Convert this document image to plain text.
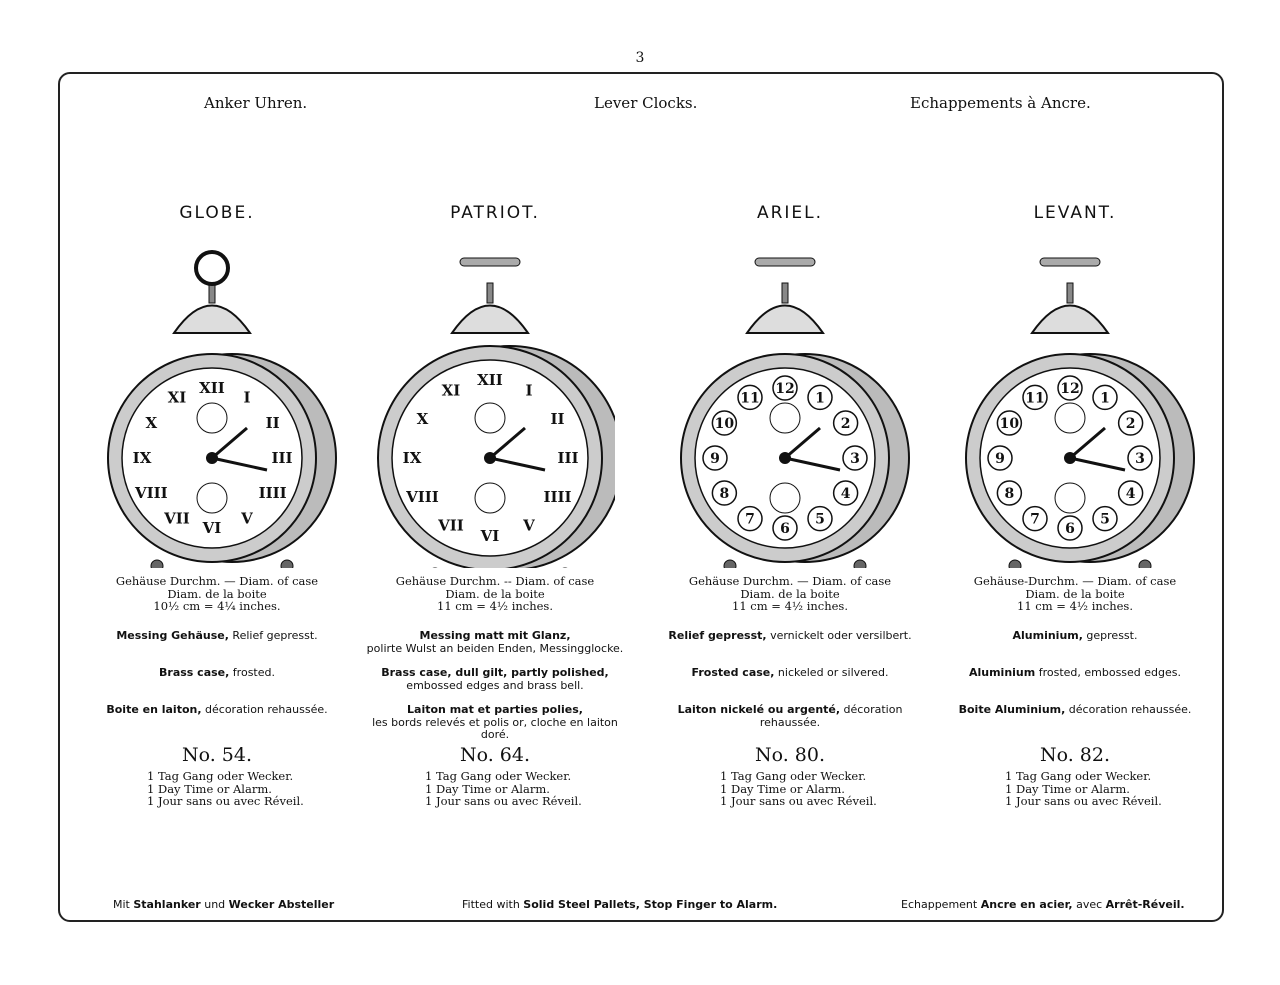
3
Anker Uhren.	Lever Clocks.	Echappements à Ancre.
GLOBE.
XII
I
II
III
IIII
V
VI
VII
VIII
IX
X
XI
Gehäuse Durchm. — Diam. of case
Diam. de la boite
10½ cm = 4¼ inches.
Messing Gehäuse, Relief gepresst.
Brass case, frosted.
Boite en laiton, décoration rehaussée.
No. 54.
1 Tag Gang oder Wecker.
1 Day Time or Alarm.
1 Jour sans ou avec Réveil.
PATRIOT.
XII
I
II
III
IIII
V
VI
VII
VIII
IX
X
XI
Gehäuse Durchm. -- Diam. of case
Diam. de la boite
11 cm = 4½ inches.
Messing matt mit Glanz,
polirte Wulst an beiden Enden, Messingglocke.
Brass case, dull gilt, partly polished,
embossed edges and brass bell.
Laiton mat et parties polies,
les bords relevés et polis or, cloche en laiton doré.
No. 64.
1 Tag Gang oder Wecker.
1 Day Time or Alarm.
1 Jour sans ou avec Réveil.
ARIEL.
12
1
2
3
4
5
6
7
8
9
10
11
Gehäuse Durchm. — Diam. of case
Diam. de la boite
11 cm = 4½ inches.
Relief gepresst, vernickelt oder versilbert.
Frosted case, nickeled or silvered.
Laiton nickelé ou argenté, décoration rehaussée.
No. 80.
1 Tag Gang oder Wecker.
1 Day Time or Alarm.
1 Jour sans ou avec Réveil.
LEVANT.
12
1
2
3
4
5
6
7
8
9
10
11
Gehäuse-Durchm. — Diam. of case
Diam. de la boite
11 cm = 4½ inches.
Aluminium, gepresst.
Aluminium frosted, embossed edges.
Boite Aluminium, décoration rehaussée.
No. 82.
1 Tag Gang oder Wecker.
1 Day Time or Alarm.
1 Jour sans ou avec Réveil.
Mit Stahlanker und Wecker Absteller	Fitted with Solid Steel Pallets, Stop Finger to Alarm.	Echappement Ancre en acier, avec Arrêt-Réveil.
